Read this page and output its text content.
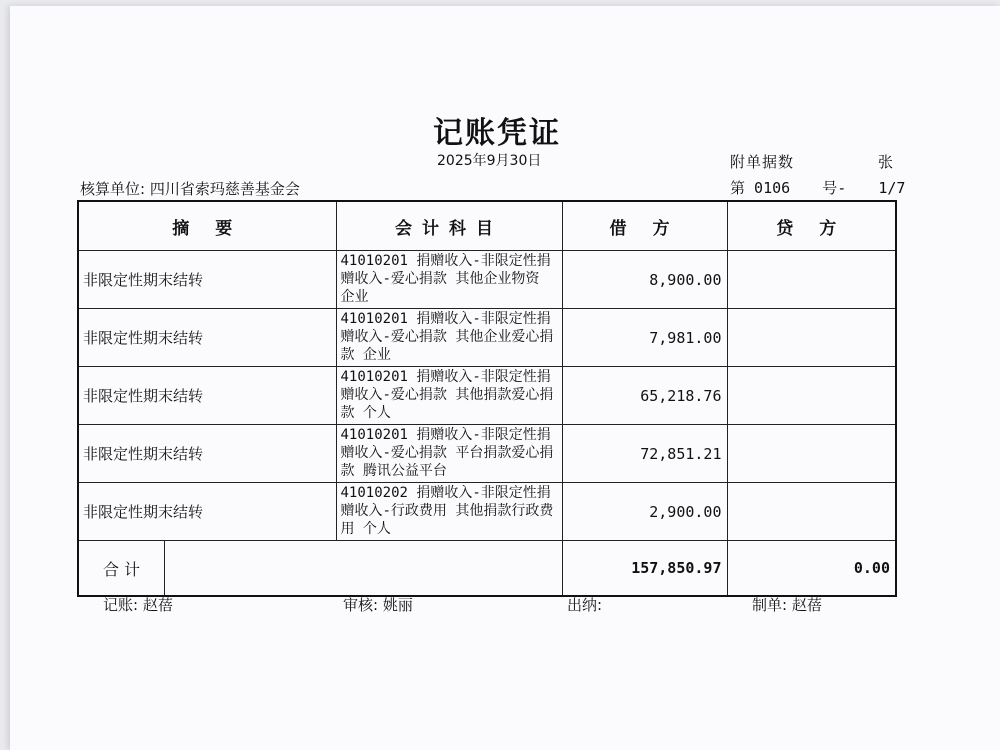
记账凭证
2025年9月30日	附单据数	张
核算单位: 四川省索玛慈善基金会	第 0106 号- 1/7
摘 要	会计科目	借 方	贷 方
非限定性期末结转	41010201 捐赠收入-非限定性捐赠收入-爱心捐款 其他企业物资 企业	8,900.00	
非限定性期末结转	41010201 捐赠收入-非限定性捐赠收入-爱心捐款 其他企业爱心捐款 企业	7,981.00	
非限定性期末结转	41010201 捐赠收入-非限定性捐赠收入-爱心捐款 其他捐款爱心捐款 个人	65,218.76	
非限定性期末结转	41010201 捐赠收入-非限定性捐赠收入-爱心捐款 平台捐款爱心捐款 腾讯公益平台	72,851.21	
非限定性期末结转	41010202 捐赠收入-非限定性捐赠收入-行政费用 其他捐款行政费用 个人	2,900.00	

合 计		157,850.97	0.00
记账: 赵蓓	审核: 姚丽	出纳:	制单: 赵蓓
